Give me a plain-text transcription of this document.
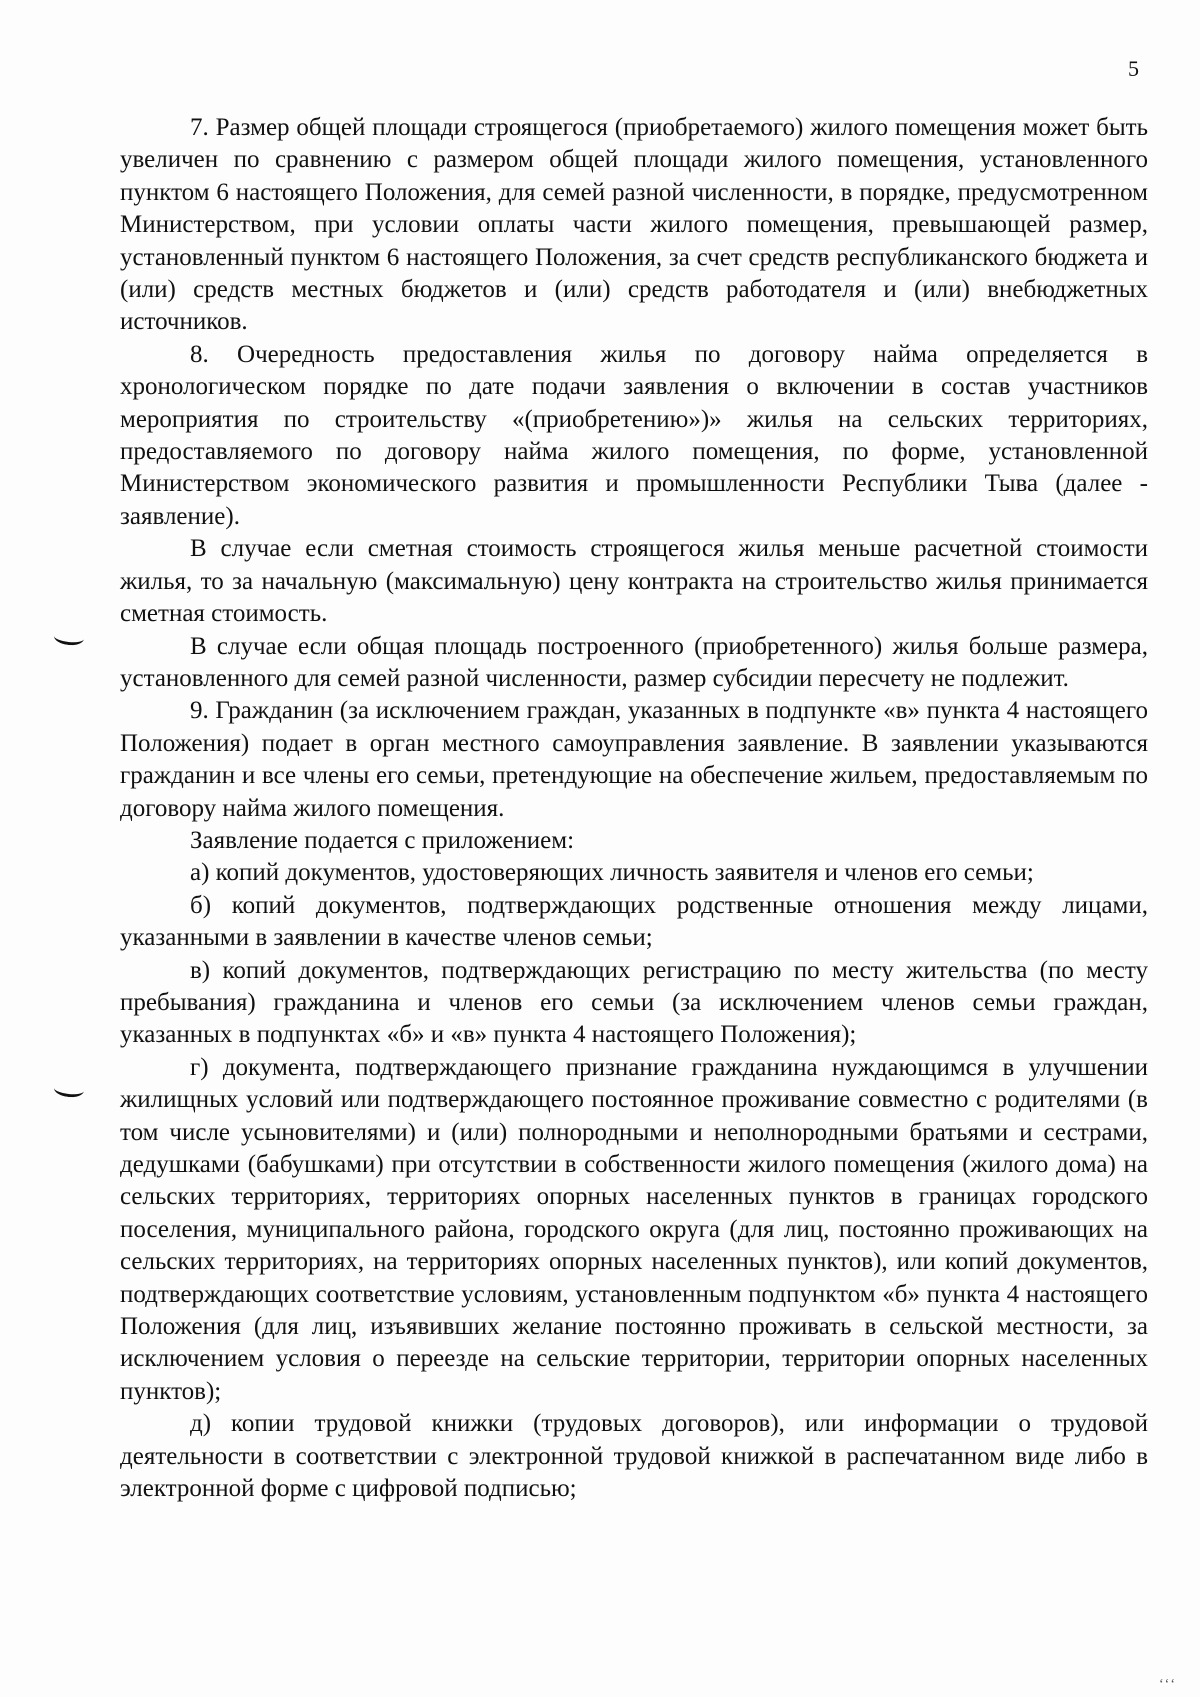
5

7. Размер общей площади строящегося (приобретаемого) жилого помещения может быть увеличен по сравнению с размером общей площади жилого помещения, установленного пунктом 6 настоящего Положения, для семей разной численности, в порядке, предусмотренном Министерством, при условии оплаты части жилого помещения, превышающей размер, установленный пунктом 6 настоящего Положения, за счет средств республиканского бюджета и (или) средств местных бюджетов и (или) средств работодателя и (или) внебюджетных источников.

8. Очередность предоставления жилья по договору найма определяется в хронологическом порядке по дате подачи заявления о включении в состав участников мероприятия по строительству «(приобретению»)» жилья на сельских территориях, предоставляемого по договору найма жилого помещения, по форме, установленной Министерством экономического развития и промышленности Республики Тыва (далее - заявление).

В случае если сметная стоимость строящегося жилья меньше расчетной стоимости жилья, то за начальную (максимальную) цену контракта на строительство жилья принимается сметная стоимость.

В случае если общая площадь построенного (приобретенного) жилья больше размера, установленного для семей разной численности, размер субсидии пересчету не подлежит.

9. Гражданин (за исключением граждан, указанных в подпункте «в» пункта 4 настоящего Положения) подает в орган местного самоуправления заявление. В заявлении указываются гражданин и все члены его семьи, претендующие на обеспечение жильем, предоставляемым по договору найма жилого помещения.

Заявление подается с приложением:

а) копий документов, удостоверяющих личность заявителя и членов его семьи;

б) копий документов, подтверждающих родственные отношения между лицами, указанными в заявлении в качестве членов семьи;

в) копий документов, подтверждающих регистрацию по месту жительства (по месту пребывания) гражданина и членов его семьи (за исключением членов семьи граждан, указанных в подпунктах «б» и «в» пункта 4 настоящего Положения);

г) документа, подтверждающего признание гражданина нуждающимся в улучшении жилищных условий или подтверждающего постоянное проживание совместно с родителями (в том числе усыновителями) и (или) полнородными и неполнородными братьями и сестрами, дедушками (бабушками) при отсутствии в собственности жилого помещения (жилого дома) на сельских территориях, территориях опорных населенных пунктов в границах городского поселения, муниципального района, городского округа (для лиц, постоянно проживающих на сельских территориях, на территориях опорных населенных пунктов), или копий документов, подтверждающих соответствие условиям, установленным подпунктом «б» пункта 4 настоящего Положения (для лиц, изъявивших желание постоянно проживать в сельской местности, за исключением условия о переезде на сельские территории, территории опорных населенных пунктов);

д) копии трудовой книжки (трудовых договоров), или информации о трудовой деятельности в соответствии с электронной трудовой книжкой в распечатанном виде либо в электронной форме с цифровой подписью;

ʻʻʻ
